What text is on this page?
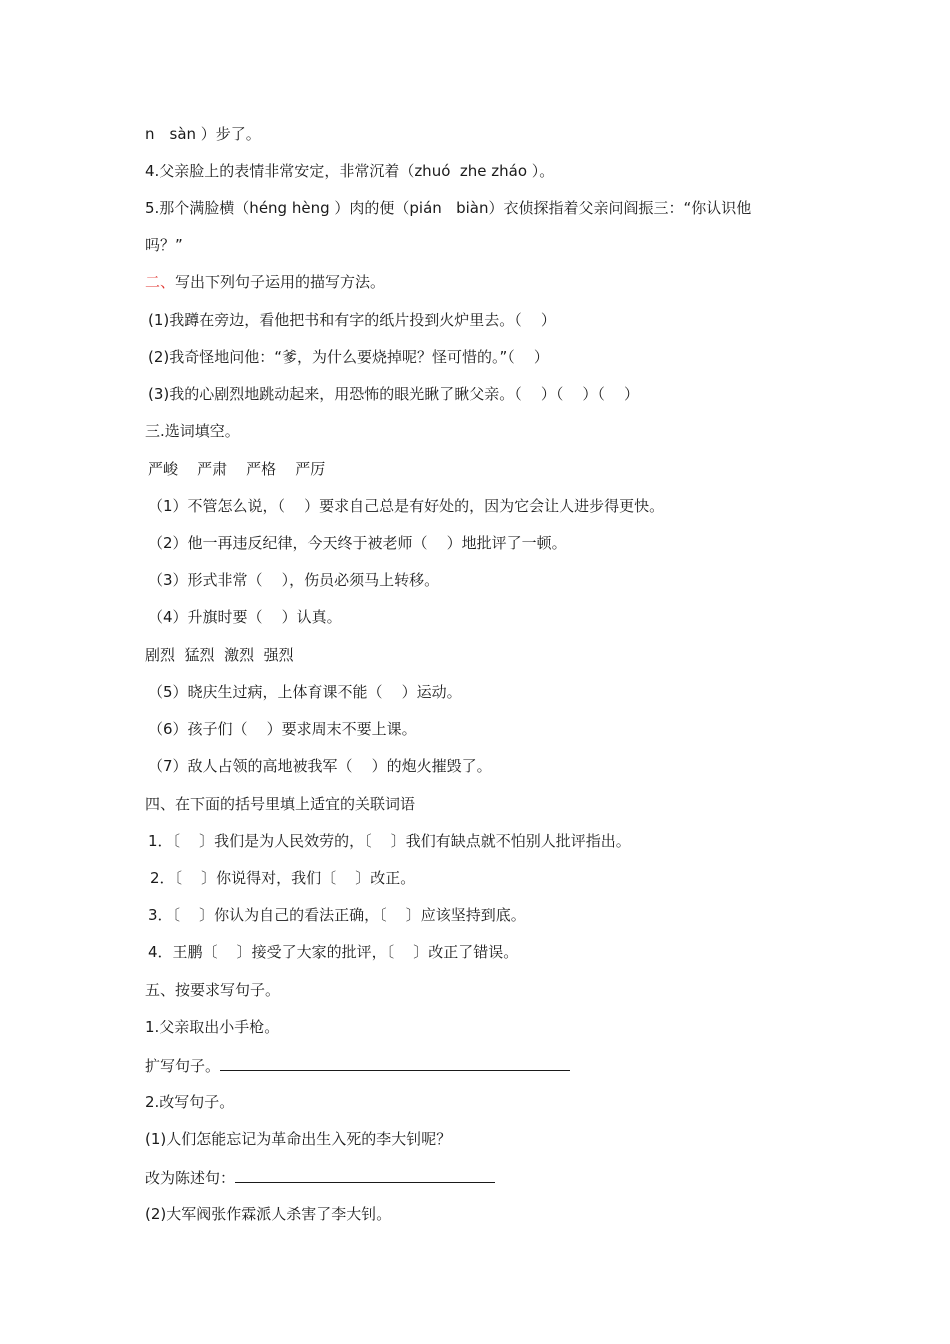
n　sàn ）步了。
4.父亲脸上的表情非常安定，非常沉着（zhuó  zhe zháo ）。
5.那个满脸横（héng hèng ）肉的便（pián   biàn）衣侦探指着父亲问阎振三：“你认识他
吗？”
二、写出下列句子运用的描写方法。
(1)我蹲在旁边，看他把书和有字的纸片投到火炉里去。（    ）
(2)我奇怪地问他：“爹，为什么要烧掉呢？怪可惜的。”（    ）
(3)我的心剧烈地跳动起来，用恐怖的眼光瞅了瞅父亲。（    ）（    ）（    ）
三.选词填空。
严峻    严肃    严格    严厉
（1）不管怎么说，（    ）要求自己总是有好处的，因为它会让人进步得更快。
（2）他一再违反纪律，今天终于被老师（    ）地批评了一顿。
（3）形式非常（    ），伤员必须马上转移。
（4）升旗时要（    ）认真。
剧烈  猛烈  激烈  强烈
（5）晓庆生过病，上体育课不能（    ）运动。
（6）孩子们（    ）要求周末不要上课。
（7）敌人占领的高地被我军（    ）的炮火摧毁了。
四、在下面的括号里填上适宜的关联词语
1．〔    〕我们是为人民效劳的，〔    〕我们有缺点就不怕别人批评指出。
2．〔    〕你说得对，我们〔    〕改正。
3．〔    〕你认为自己的看法正确，〔    〕应该坚持到底。
4．王鹏〔    〕接受了大家的批评，〔    〕改正了错误。
五、按要求写句子。
1.父亲取出小手枪。
扩写句子。
2.改写句子。
(1)人们怎能忘记为革命出生入死的李大钊呢？
改为陈述句：
(2)大军阀张作霖派人杀害了李大钊。
